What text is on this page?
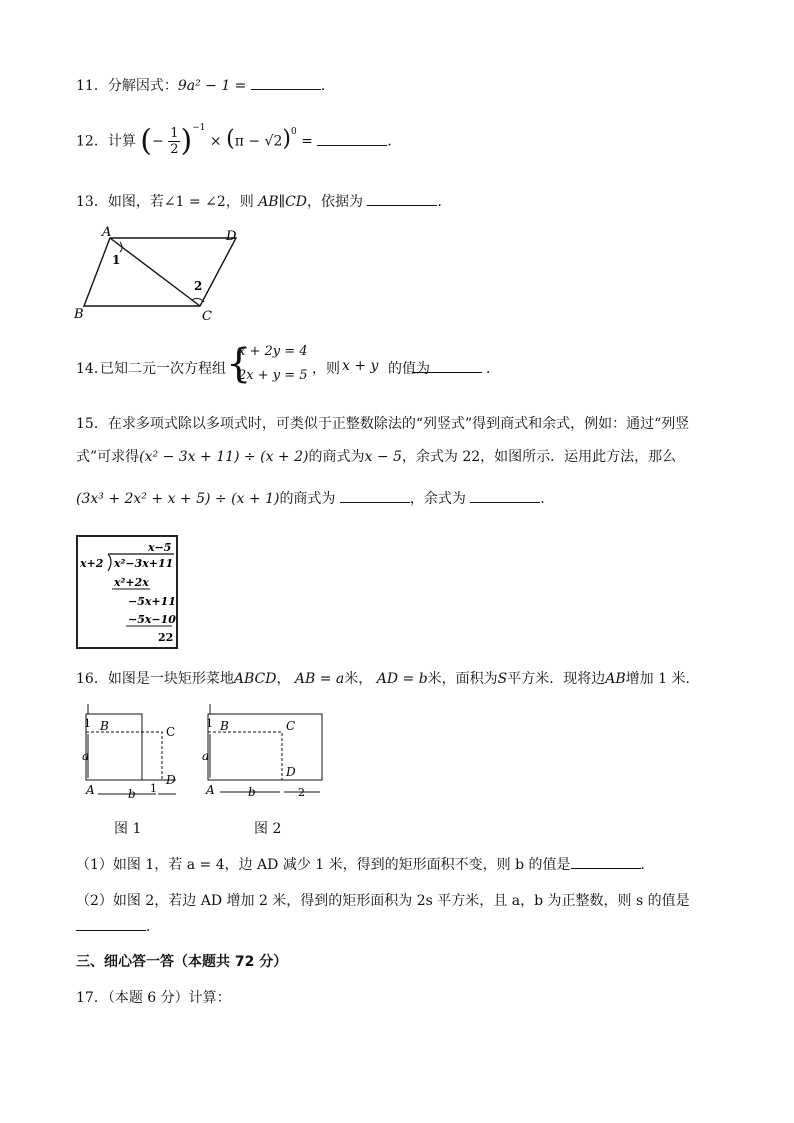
11．分解因式：9a² − 1 =	．
12．计算 (− $\frac{1}{2} )^{-1} \times (\pi - √2)^0$ =	．
13．如图，若∠1 = ∠2，则 AB∥CD，依据为	．
A	D
B	C
1
2
14．
已知二元一次方程组 {
x + 2y = 4
2x + y = 5 ，则 x + y 的值为	．
15．在求多项式除以多项式时，可类似于正整数除法的“列竖式”得到商式和余式，例如：通过“列竖
式”可求得(x² − 3x + 11) ÷ (x + 2)的商式为x − 5，余式为 22，如图所示．运用此方法，那么
(3x³ + 2x² + x + 5) ÷ (x + 1)的商式为	，余式为	．
x−5
x+2 x²−3x+11
x²+2x
−5x+11
−5x−10
22
16．如图是一块矩形菜地ABCD， AB = a米， AD = b米，面积为S平方米．现将边AB增加 1 米．
1
a
b 1
B	C
A
D
图 1
1
a
b	2
B	C
A
D
图 2
（1）如图 1，若 a = 4，边 AD 减少 1 米，得到的矩形面积不变，则 b 的值是	．
（2）如图 2，若边 AD 增加 2 米，得到的矩形面积为 2s 平方米，且 a，b 为正整数，则 s 的值是
．
三、细心答一答（本题共 72 分）
17．（本题 6 分）计算：
